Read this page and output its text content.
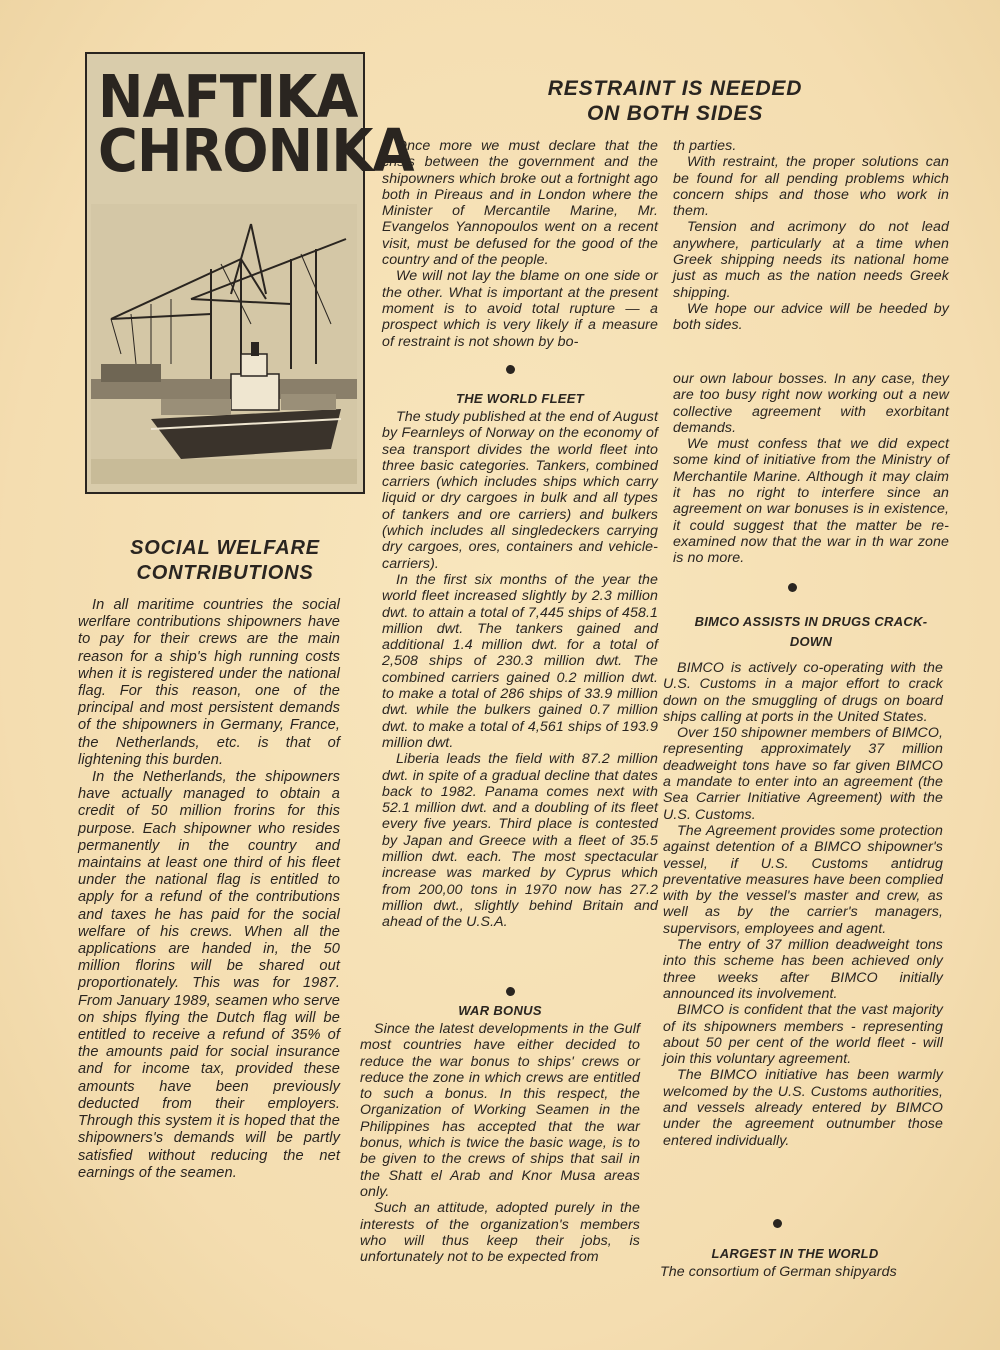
NAFTIKA
CHRONIKA
RESTRAINT IS NEEDED
ON BOTH SIDES

Once more we must declare that the crisis between the government and the shipowners which broke out a fortnight ago both in Pireaus and in London where the Minister of Mercantile Marine, Mr. Evangelos Yannopoulos went on a recent visit, must be defused for the good of the country and of the people.

We will not lay the blame on one side or the other. What is important at the present moment is to avoid total rupture — a prospect which is very likely if a measure of restraint is not shown by bo-

th parties.

With restraint, the proper solutions can be found for all pending problems which concern ships and those who work in them.

Tension and acrimony do not lead anywhere, particularly at a time when Greek shipping needs its national home just as much as the nation needs Greek shipping.

We hope our advice will be heeded by both sides.

SOCIAL WELFARE
CONTRIBUTIONS

In all maritime countries the social werlfare contributions shipowners have to pay for their crews are the main reason for a ship's high running costs when it is registered under the national flag. For this reason, one of the principal and most persistent demands of the shipowners in Germany, France, the Netherlands, etc. is that of lightening this burden.

In the Netherlands, the shipowners have actually managed to obtain a credit of 50 million frorins for this purpose. Each shipowner who resides permanently in the country and maintains at least one third of his fleet under the national flag is entitled to apply for a refund of the contributions and taxes he has paid for the social welfare of his crews. When all the applications are handed in, the 50 million florins will be shared out proportionately. This was for 1987. From January 1989, seamen who serve on ships flying the Dutch flag will be entitled to receive a refund of 35% of the amounts paid for social insurance and for income tax, provided these amounts have been previously deducted from their employers. Through this system it is hoped that the shipowners's demands will be partly satisfied without reducing the net earnings of the seamen.

THE WORLD FLEET

The study published at the end of August by Fearnleys of Norway on the economy of sea transport divides the world fleet into three basic categories. Tankers, combined carriers (which includes ships which carry liquid or dry cargoes in bulk and all types of tankers and ore carriers) and bulkers (which includes all singledeckers carrying dry cargoes, ores, containers and vehicle-carriers).

In the first six months of the year the world fleet increased slightly by 2.3 million dwt. to attain a total of 7,445 ships of 458.1 million dwt. The tankers gained and additional 1.4 million dwt. for a total of 2,508 ships of 230.3 million dwt. The combined carriers gained 0.2 million dwt. to make a total of 286 ships of 33.9 million dwt. while the bulkers gained 0.7 million dwt. to make a total of 4,561 ships of 193.9 million dwt.

Liberia leads the field with 87.2 million dwt. in spite of a gradual decline that dates back to 1982. Panama comes next with 52.1 million dwt. and a doubling of its fleet every five years. Third place is contested by Japan and Greece with a fleet of 35.5 million dwt. each. The most spectacular increase was marked by Cyprus which from 200,00 tons in 1970 now has 27.2 million dwt., slightly behind Britain and ahead of the U.S.A.

WAR BONUS

Since the latest developments in the Gulf most countries have either decided to reduce the war bonus to ships' crews or reduce the zone in which crews are entitled to such a bonus. In this respect, the Organization of Working Seamen in the Philippines has accepted that the war bonus, which is twice the basic wage, is to be given to the crews of ships that sail in the Shatt el Arab and Knor Musa areas only.

Such an attitude, adopted purely in the interests of the organization's members who will thus keep their jobs, is unfortunately not to be expected from

our own labour bosses. In any case, they are too busy right now working out a new collective agreement with exorbitant demands.

We must confess that we did expect some kind of initiative from the Ministry of Merchantile Marine. Although it may claim it has no right to interfere since an agreement on war bonuses is in existence, it could suggest that the matter be re-examined now that the war in th war zone is no more.

BIMCO ASSISTS IN DRUGS CRACK-

DOWN

BIMCO is actively co-operating with the U.S. Customs in a major effort to crack down on the smuggling of drugs on board ships calling at ports in the United States.

Over 150 shipowner members of BIMCO, representing approximately 37 million deadweight tons have so far given BIMCO a mandate to enter into an agreement (the Sea Carrier Initiative Agreement) with the U.S. Customs.

The Agreement provides some protection against detention of a BIMCO shipowner's vessel, if U.S. Customs antidrug preventative measures have been complied with by the vessel's master and crew, as well as by the carrier's managers, supervisors, employees and agent.

The entry of 37 million deadweight tons into this scheme has been achieved only three weeks after BIMCO initially announced its involvement.

BIMCO is confident that the vast majority of its shipowners members - representing about 50 per cent of the world fleet - will join this voluntary agreement.

The BIMCO initiative has been warmly welcomed by the U.S. Customs authorities, and vessels already entered by BIMCO under the agreement outnumber those entered individually.

LARGEST IN THE WORLD

The consortium of German shipyards
